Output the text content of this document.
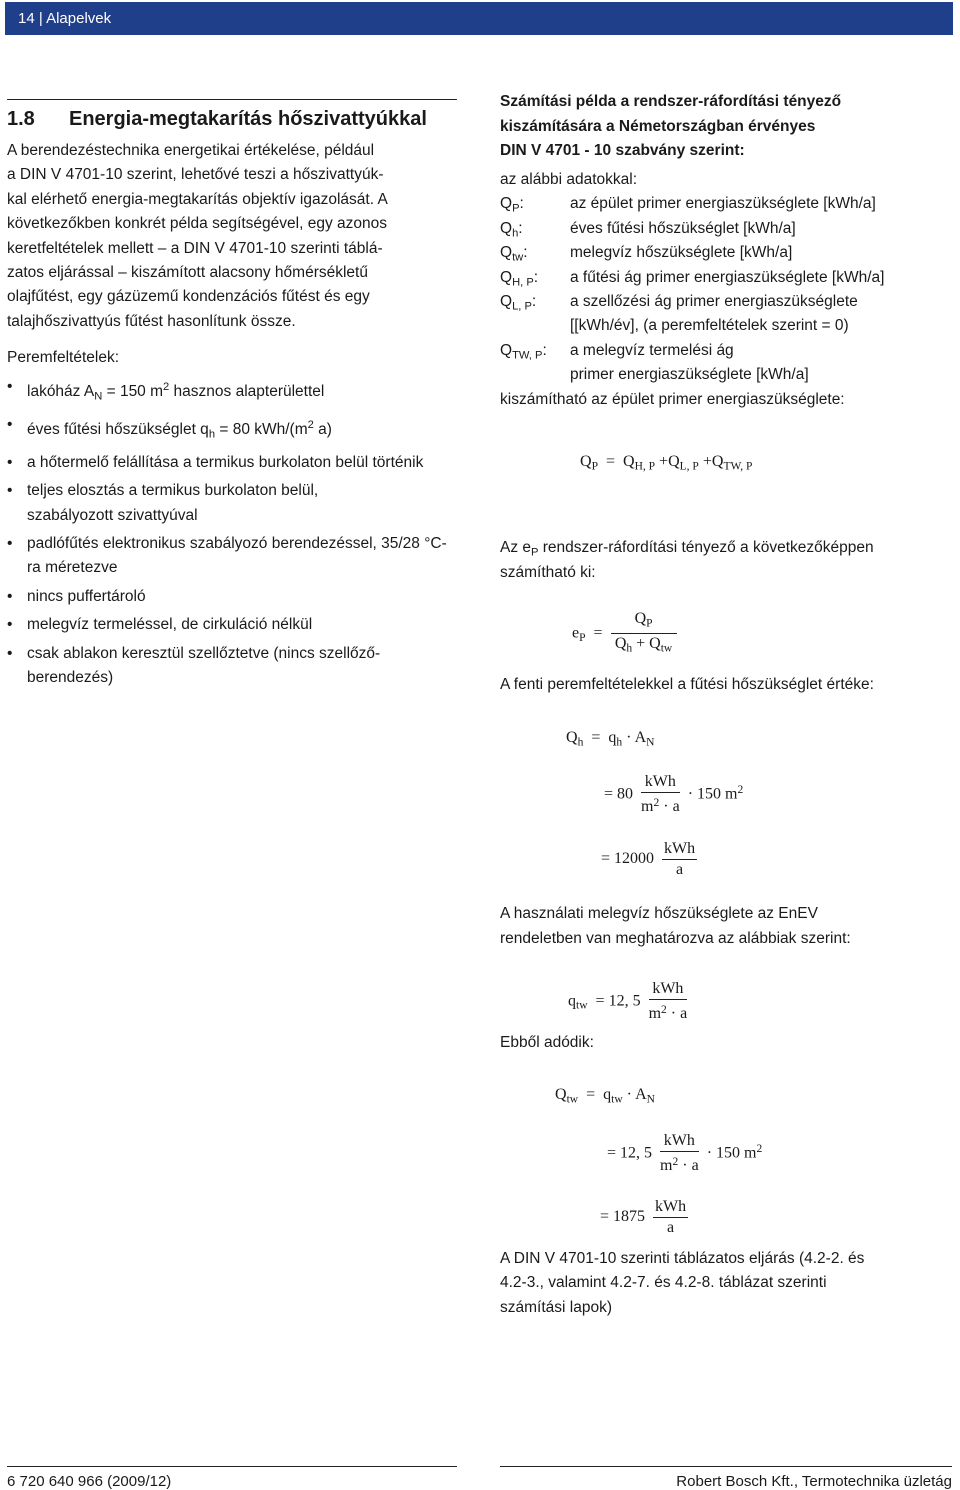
14 | Alapelvek
1.8 Energia-megtakarítás hőszivattyúkkal
A berendezéstechnika energetikai értékelése, például
a DIN V 4701-10 szerint, lehetővé teszi a hőszivattyúk-
kal elérhető energia-megtakarítás objektív igazolását. A
következőkben konkrét példa segítségével, egy azonos
keretfeltételek mellett – a DIN V 4701-10 szerinti táblá-
zatos eljárással – kiszámított alacsony hőmérsékletű
olajfűtést, egy gázüzemű kondenzációs fűtést és egy
talajhőszivattyús fűtést hasonlítunk össze.
Peremfeltételek:
• lakóház $A_N = 150$ $m^2$ hasznos alapterülettel
• éves fűtési hőszükséglet $q_h = 80$ kWh/($m^2$ a)
• a hőtermelő felállítása a termikus burkolaton belül történik
• teljes elosztás a termikus burkolaton belül, szabályozott szivattyúval
• padlófűtés elektronikus szabályozó berendezéssel, 35/28 °C-ra méretezve
• nincs puffertároló
• melegvíz termeléssel, de cirkuláció nélkül
• csak ablakon keresztül szellőztetve (nincs szellőző-berendezés)
Számítási példa a rendszer-ráfordítási tényező
kiszámítására a Németországban érvényes
DIN V 4701 - 10 szabvány szerint:
az alábbi adatokkal:
$Q_P$:	az épület primer energiaszükséglete [kWh/a]
$Q_h$:	éves fűtési hőszükséglet [kWh/a]
$Q_{tw}$:	melegvíz hőszükséglete [kWh/a]
$Q_{H, P}$: a fűtési ág primer energiaszükséglete [kWh/a]
$Q_{L, P}$: a szellőzési ág primer energiaszükséglete
[[kWh/év], (a peremfeltételek szerint = 0)
$Q_{TW, P}$: a melegvíz termelési ág
primer energiaszükséglete [kWh/a]
kiszámítható az épület primer energiaszükséglete:
$Q_P = Q_{H, P} +Q_{L, P} +Q_{TW, P}$
Az $e_P$ rendszer-ráfordítási tényező a következőképpen
számítható ki:
$e_P = \frac{Q_P}{Q_h + Q_{tw}}$
A fenti peremfeltételekkel a fűtési hőszükséglet értéke:
$Q_h = q_h \cdot A_N$
= $80 \frac{\text{kWh}}{m^2 \cdot a} \cdot 150$ $m^2$
= $12000 \frac{\text{kWh}}{a}$
A használati melegvíz hőszükséglete az EnEV
rendeletben van meghatározva az alábbiak szerint:
$q_{tw} = 12$, $5 \frac{\text{kWh}}{m^2 \cdot a}$
Ebből adódik:
$Q_{tw} = q_{tw} \cdot A_N$
= 12, $5 \frac{\text{kWh}}{m^2 \cdot a} \cdot 150$ $m^2$
= $1875 \frac{\text{kWh}}{a}$
A DIN V 4701-10 szerinti táblázatos eljárás (4.2-2. és
4.2-3., valamint 4.2-7. és 4.2-8. táblázat szerinti
számítási lapok)
6 720 640 966 (2009/12)	Robert Bosch Kft., Termotechnika üzletág
